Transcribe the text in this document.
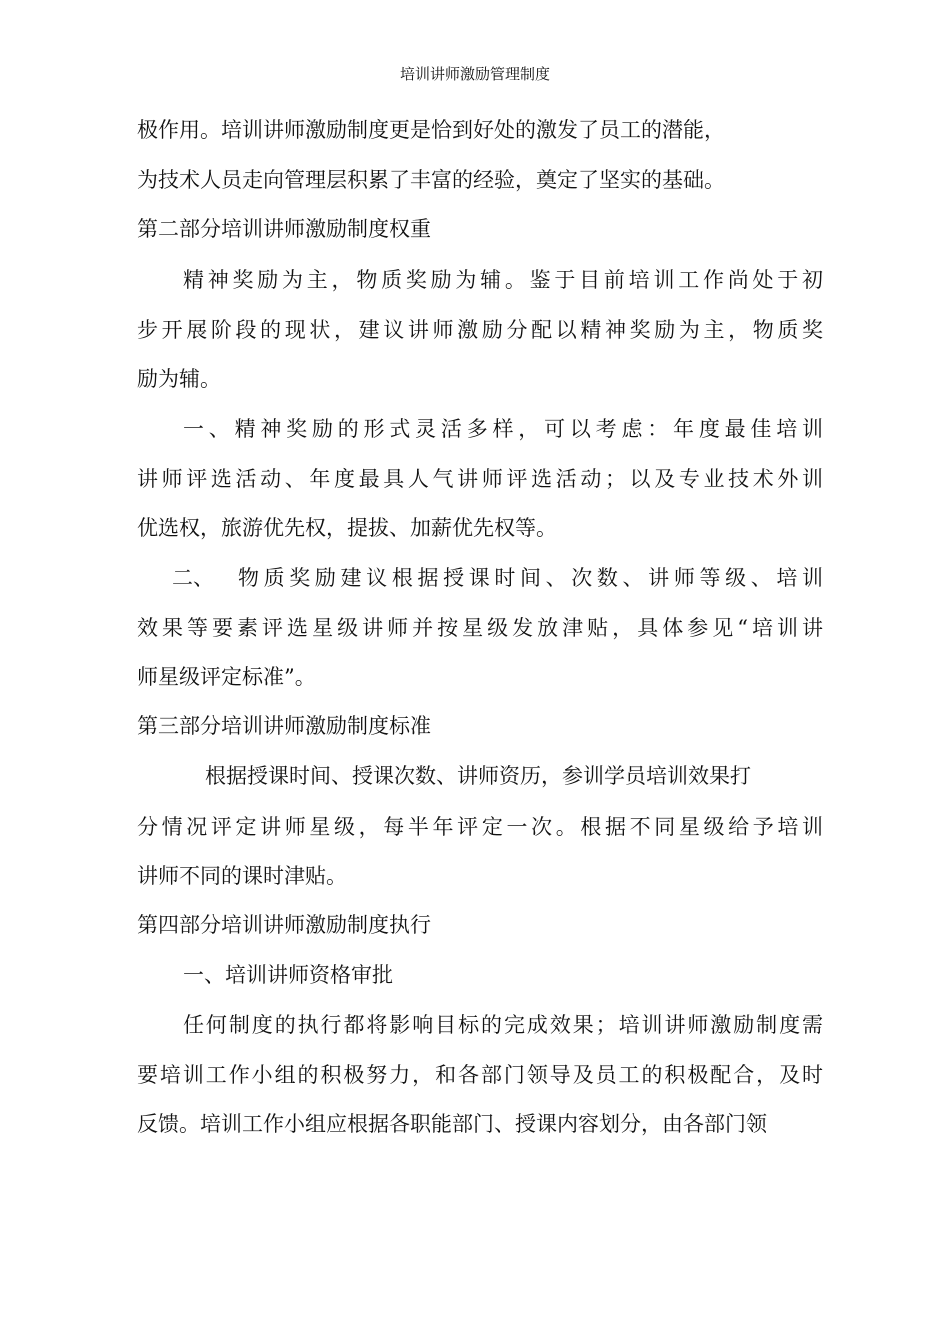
培训讲师激励管理制度
极作用。培训讲师激励制度更是恰到好处的激发了员工的潜能，
为技术人员走向管理层积累了丰富的经验，奠定了坚实的基础。
第二部分培训讲师激励制度权重
精神奖励为主，物质奖励为辅。鉴于目前培训工作尚处于初
步开展阶段的现状，建议讲师激励分配以精神奖励为主，物质奖
励为辅。
一、精神奖励的形式灵活多样，可以考虑：年度最佳培训
讲师评选活动、年度最具人气讲师评选活动；以及专业技术外训
优选权，旅游优先权，提拔、加薪优先权等。
二、 物质奖励建议根据授课时间、次数、讲师等级、培训
效果等要素评选星级讲师并按星级发放津贴，具体参见“培训讲
师星级评定标准”。
第三部分培训讲师激励制度标准
根据授课时间、授课次数、讲师资历，参训学员培训效果打
分情况评定讲师星级，每半年评定一次。根据不同星级给予培训
讲师不同的课时津贴。
第四部分培训讲师激励制度执行
一、培训讲师资格审批
任何制度的执行都将影响目标的完成效果；培训讲师激励制度需
要培训工作小组的积极努力，和各部门领导及员工的积极配合，及时
反馈。培训工作小组应根据各职能部门、授课内容划分，由各部门领
